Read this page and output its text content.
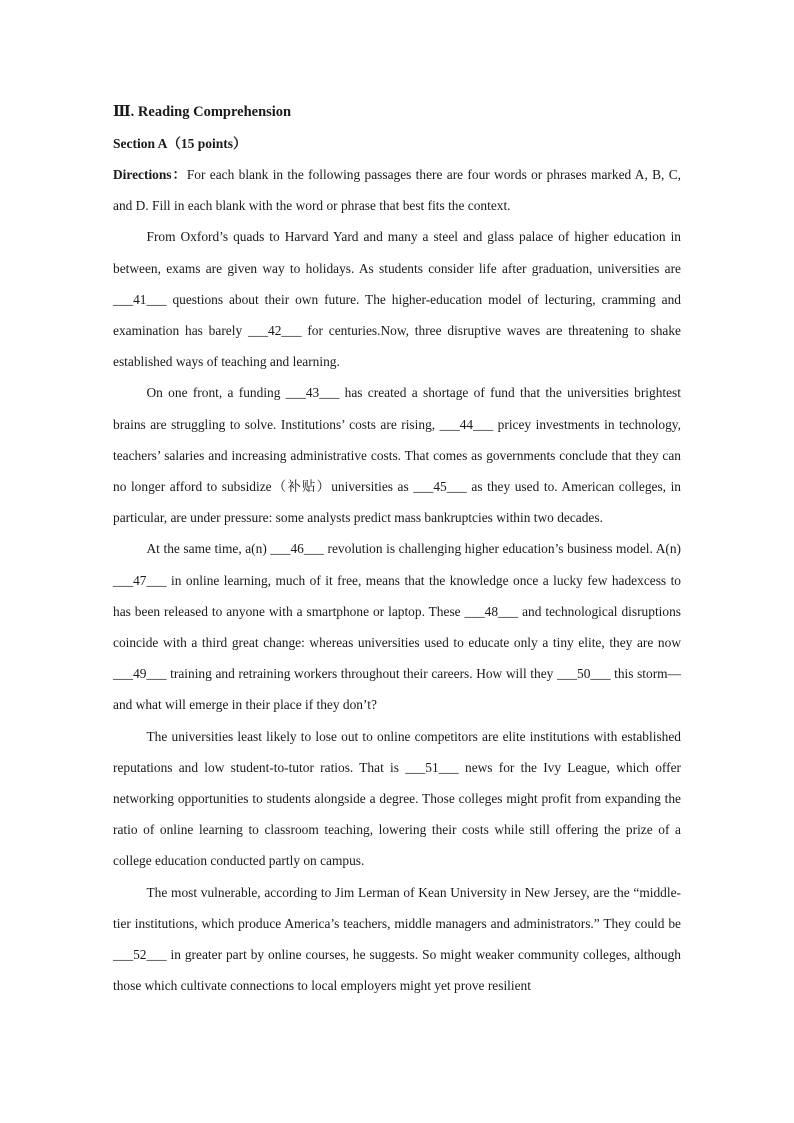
Ⅲ. Reading Comprehension

Section A（15 points）

Directions：For each blank in the following passages there are four words or phrases marked A, B, C, and D. Fill in each blank with the word or phrase that best fits the context.

From Oxford’s quads to Harvard Yard and many a steel and glass palace of higher education in between, exams are given way to holidays. As students consider life after graduation, universities are ___41___ questions about their own future. The higher-education model of lecturing, cramming and examination has barely ___42___ for centuries.Now, three disruptive waves are threatening to shake established ways of teaching and learning.

On one front, a funding ___43___ has created a shortage of fund that the universities brightest brains are struggling to solve. Institutions’ costs are rising, ___44___ pricey investments in technology, teachers’ salaries and increasing administrative costs. That comes as governments conclude that they can no longer afford to subsidize（补贴）universities as ___45___ as they used to. American colleges, in particular, are under pressure: some analysts predict mass bankruptcies within two decades.

At the same time, a(n) ___46___ revolution is challenging higher education’s business model. A(n) ___47___ in online learning, much of it free, means that the knowledge once a lucky few hadexcess to has been released to anyone with a smartphone or laptop. These ___48___ and technological disruptions coincide with a third great change: whereas universities used to educate only a tiny elite, they are now ___49___ training and retraining workers throughout their careers. How will they ___50___ this storm—and what will emerge in their place if they don’t?

The universities least likely to lose out to online competitors are elite institutions with established reputations and low student-to-tutor ratios. That is ___51___ news for the Ivy League, which offer networking opportunities to students alongside a degree. Those colleges might profit from expanding the ratio of online learning to classroom teaching, lowering their costs while still offering the prize of a college education conducted partly on campus.

The most vulnerable, according to Jim Lerman of Kean University in New Jersey, are the “middle-tier institutions, which produce America’s teachers, middle managers and administrators.” They could be ___52___ in greater part by online courses, he suggests. So might weaker community colleges, although those which cultivate connections to local employers might yet prove resilient
